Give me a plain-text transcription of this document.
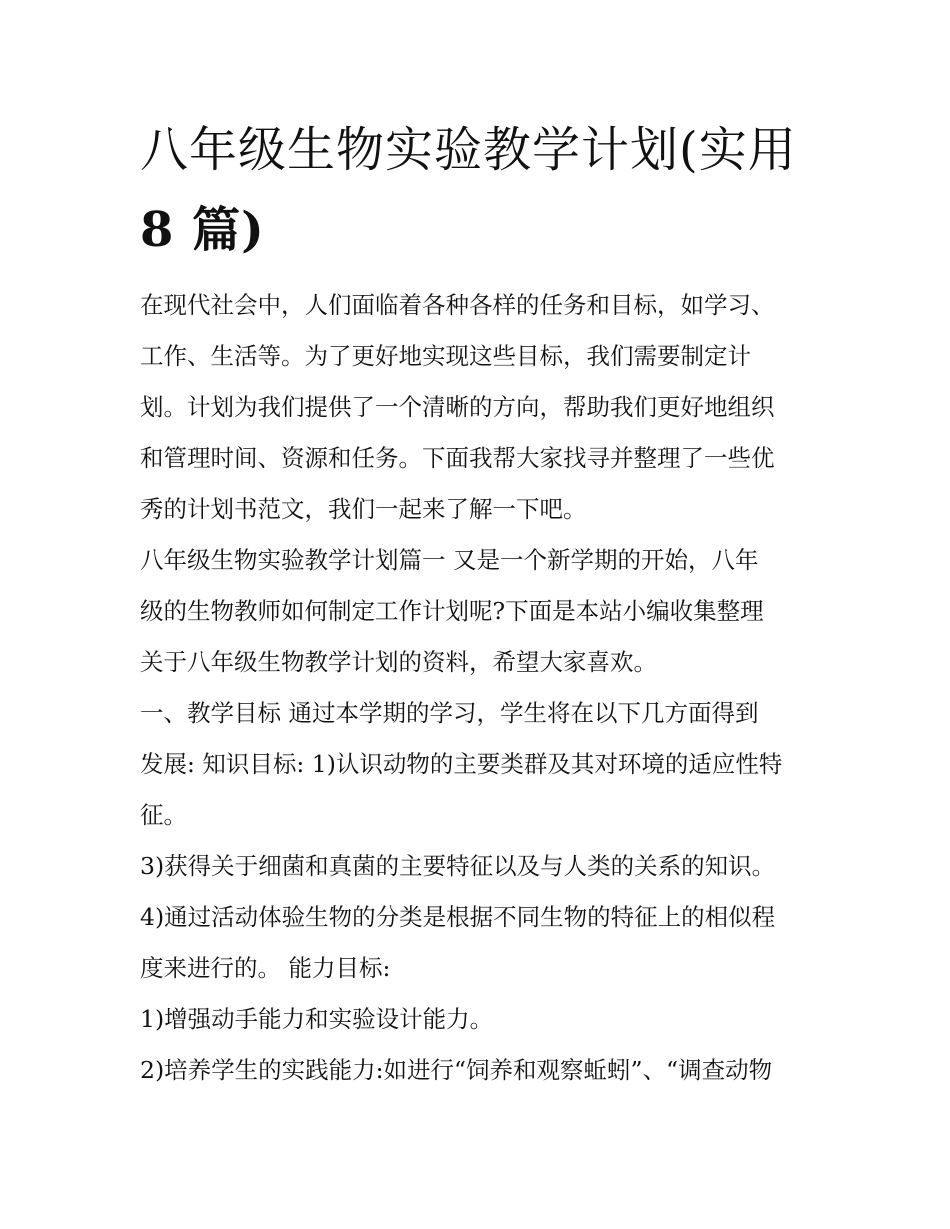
八年级生物实验教学计划(实用
8 篇)

在现代社会中，人们面临着各种各样的任务和目标，如学习、
工作、生活等。为了更好地实现这些目标，我们需要制定计
划。计划为我们提供了一个清晰的方向，帮助我们更好地组织
和管理时间、资源和任务。下面我帮大家找寻并整理了一些优
秀的计划书范文，我们一起来了解一下吧。

八年级生物实验教学计划篇一 又是一个新学期的开始，八年
级的生物教师如何制定工作计划呢?下面是本站小编收集整理
关于八年级生物教学计划的资料，希望大家喜欢。

一、教学目标 通过本学期的学习，学生将在以下几方面得到
发展: 知识目标: 1)认识动物的主要类群及其对环境的适应性特
征。

3)获得关于细菌和真菌的主要特征以及与人类的关系的知识。

4)通过活动体验生物的分类是根据不同生物的特征上的相似程
度来进行的。 能力目标:

1)增强动手能力和实验设计能力。

2)培养学生的实践能力:如进行“饲养和观察蚯蚓”、“调查动物
